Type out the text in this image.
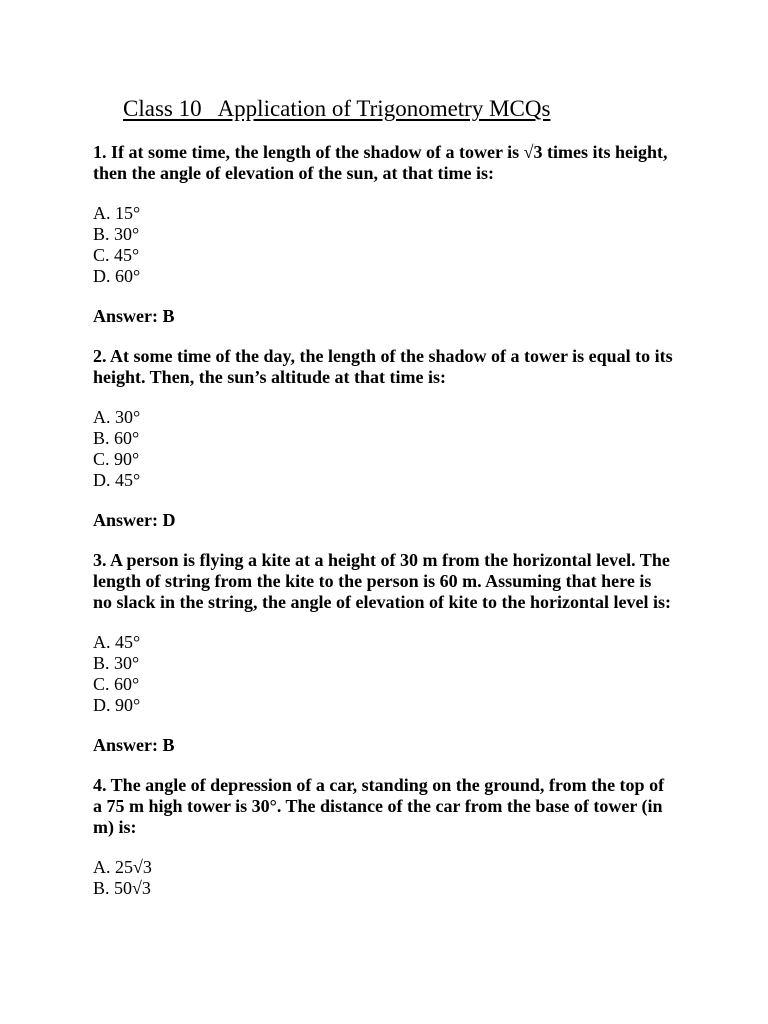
Class 10   Application of Trigonometry MCQs

1. If at some time, the length of the shadow of a tower is √3 times its height, then the angle of elevation of the sun, at that time is:

A. 15°
B. 30°
C. 45°
D. 60°

Answer: B

2. At some time of the day, the length of the shadow of a tower is equal to its height. Then, the sun’s altitude at that time is:

A. 30°
B. 60°
C. 90°
D. 45°

Answer: D

3. A person is flying a kite at a height of 30 m from the horizontal level. The length of string from the kite to the person is 60 m. Assuming that here is no slack in the string, the angle of elevation of kite to the horizontal level is:

A. 45°
B. 30°
C. 60°
D. 90°

Answer: B

4. The angle of depression of a car, standing on the ground, from the top of a 75 m high tower is 30°. The distance of the car from the base of tower (in m) is:

A. 25√3
B. 50√3
